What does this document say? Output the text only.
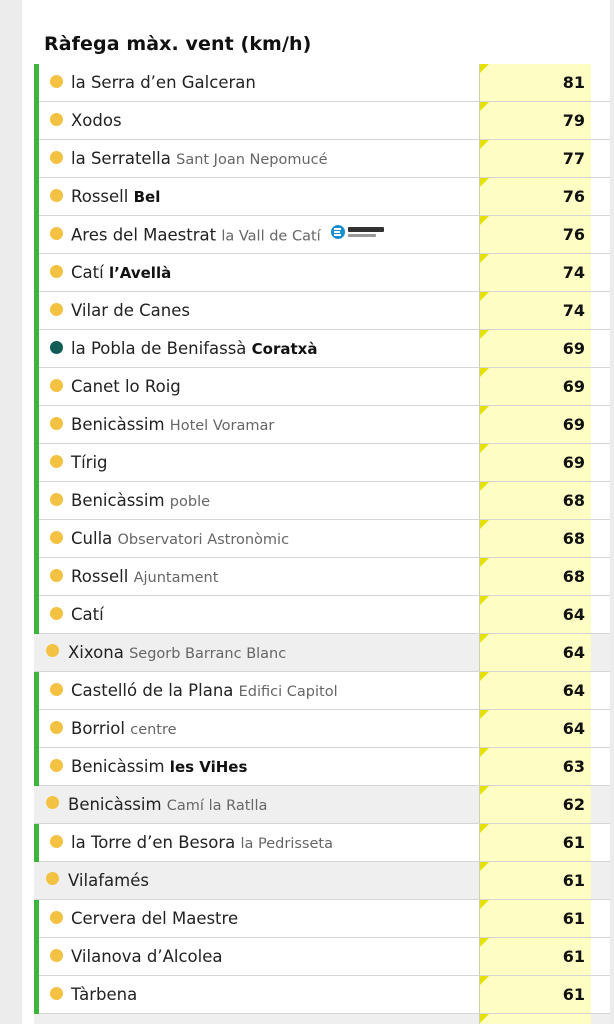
Ràfega màx. vent (km/h)
la Serra d’en Galceran	81
Xodos	79
la Serratella Sant Joan Nepomucé	77
Rossell Bel	76
Ares del Maestrat la Vall de Catí	76
Catí l’Avellà	74
Vilar de Canes	74
la Pobla de Benifassà Coratxà	69
Canet lo Roig	69
Benicàssim Hotel Voramar	69
Tírig	69
Benicàssim poble	68
Culla Observatori Astronòmic	68
Rossell Ajuntament	68
Catí	64
Xixona Segorb Barranc Blanc	64
Castelló de la Plana Edifici Capitol	64
Borriol centre	64
Benicàssim les ViHes	63
Benicàssim Camí la Ratlla	62
la Torre d’en Besora la Pedrisseta	61
Vilafamés	61
Cervera del Maestre	61
Vilanova d’Alcolea	61
Tàrbena	61
